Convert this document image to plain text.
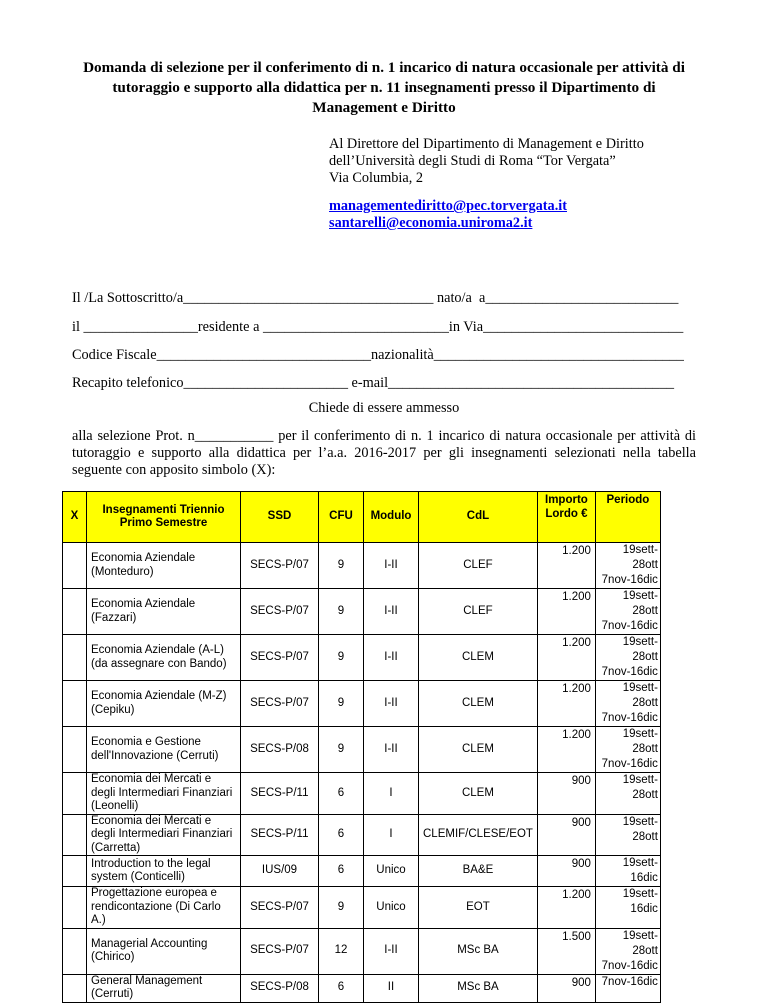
Domanda di selezione per il conferimento di n. 1 incarico di natura occasionale per attività di tutoraggio e supporto alla didattica per n. 11 insegnamenti presso il Dipartimento di Management e Diritto
Al Direttore del Dipartimento di Management e Diritto
dell’Università degli Studi di Roma “Tor Vergata”
Via Columbia, 2
managementediritto@pec.torvergata.it
santarelli@economia.uniroma2.it
Il /La Sottoscritto/a___________________________________ nato/a  a___________________________
il ________________residente a __________________________in Via____________________________
Codice Fiscale______________________________nazionalità___________________________________
Recapito telefonico_______________________ e-mail________________________________________
Chiede di essere ammesso
alla selezione Prot. n___________ per il conferimento di n. 1 incarico di natura occasionale per attività di tutoraggio e supporto alla didattica per l’a.a. 2016-2017 per gli insegnamenti selezionati nella tabella seguente con apposito simbolo (X):
X	Insegnamenti Triennio Primo Semestre	SSD	CFU	Modulo	CdL	Importo Lordo €	Periodo
	Economia Aziendale (Monteduro)	SECS-P/07	9	I-II	CLEF	1.200	19sett-28ott
7nov-16dic

	Economia Aziendale (Fazzari)	SECS-P/07	9	I-II	CLEF	1.200	19sett-28ott
7nov-16dic

	Economia Aziendale (A-L) (da assegnare con Bando)	SECS-P/07	9	I-II	CLEM	1.200	19sett-28ott
7nov-16dic

	Economia Aziendale (M-Z) (Cepiku)	SECS-P/07	9	I-II	CLEM	1.200	19sett-28ott
7nov-16dic

	Economia e Gestione dell'Innovazione (Cerruti)	SECS-P/08	9	I-II	CLEM	1.200	19sett-28ott
7nov-16dic

	Economia dei Mercati e degli Intermediari Finanziari (Leonelli)	SECS-P/11	6	I	CLEM	900	19sett-28ott

	Economia dei Mercati e degli Intermediari Finanziari (Carretta)	SECS-P/11	6	I	CLEMIF/CLESE/EOT	900	19sett-28ott

	Introduction to the legal system (Conticelli)	IUS/09	6	Unico	BA&E	900	19sett-16dic

	Progettazione europea e rendicontazione (Di Carlo A.)	SECS-P/07	9	Unico	EOT	1.200	19sett-16dic

	Managerial Accounting (Chirico)	SECS-P/07	12	I-II	MSc BA	1.500	19sett-28ott
7nov-16dic

	General Management (Cerruti)	SECS-P/08	6	II	MSc BA	900	7nov-16dic
